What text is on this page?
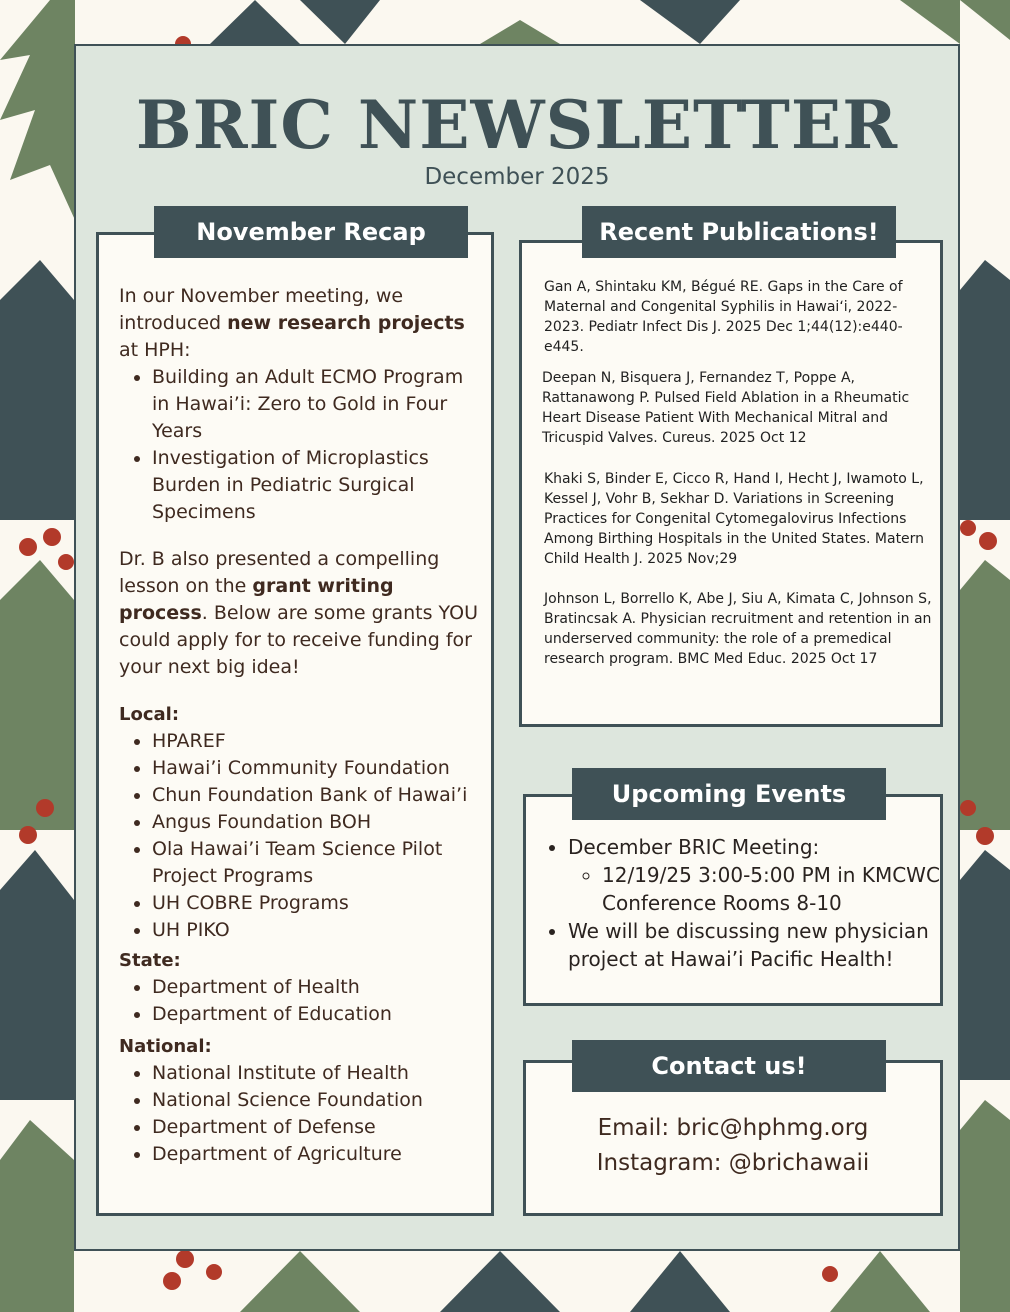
BRIC NEWSLETTER
December 2025

In our November meeting, we introduced new research projects at HPH:

• Building an Adult ECMO Program in Hawai’i: Zero to Gold in Four Years
• Investigation of Microplastics Burden in Pediatric Surgical Specimens

Dr. B also presented a compelling lesson on the grant writing process. Below are some grants YOU could apply for to receive funding for your next big idea!

Local:

• HPAREF
• Hawai’i Community Foundation
• Chun Foundation Bank of Hawai’i
• Angus Foundation BOH
• Ola Hawai’i Team Science Pilot Project Programs
• UH COBRE Programs
• UH PIKO

State:

• Department of Health
• Department of Education

National:

• National Institute of Health
• National Science Foundation
• Department of Defense
• Department of Agriculture
November Recap

Gan A, Shintaku KM, Bégué RE. Gaps in the Care of Maternal and Congenital Syphilis in Hawaiʻi, 2022-2023. Pediatr Infect Dis J. 2025 Dec 1;44(12):e440-e445.

Deepan N, Bisquera J, Fernandez T, Poppe A, Rattanawong P. Pulsed Field Ablation in a Rheumatic Heart Disease Patient With Mechanical Mitral and Tricuspid Valves. Cureus. 2025 Oct 12

Khaki S, Binder E, Cicco R, Hand I, Hecht J, Iwamoto L, Kessel J, Vohr B, Sekhar D. Variations in Screening Practices for Congenital Cytomegalovirus Infections Among Birthing Hospitals in the United States. Matern Child Health J. 2025 Nov;29

Johnson L, Borrello K, Abe J, Siu A, Kimata C, Johnson S, Bratincsak A. Physician recruitment and retention in an underserved community: the role of a premedical research program. BMC Med Educ. 2025 Oct 17

Recent Publications!
• December BRIC Meeting:
◦ 12/19/25 3:00-5:00 PM in KMCWC Conference Rooms 8-10
• We will be discussing new physician project at Hawai’i Pacific Health!
Upcoming Events
Email: bric@hphmg.org
Instagram: @brichawaii
Contact us!
